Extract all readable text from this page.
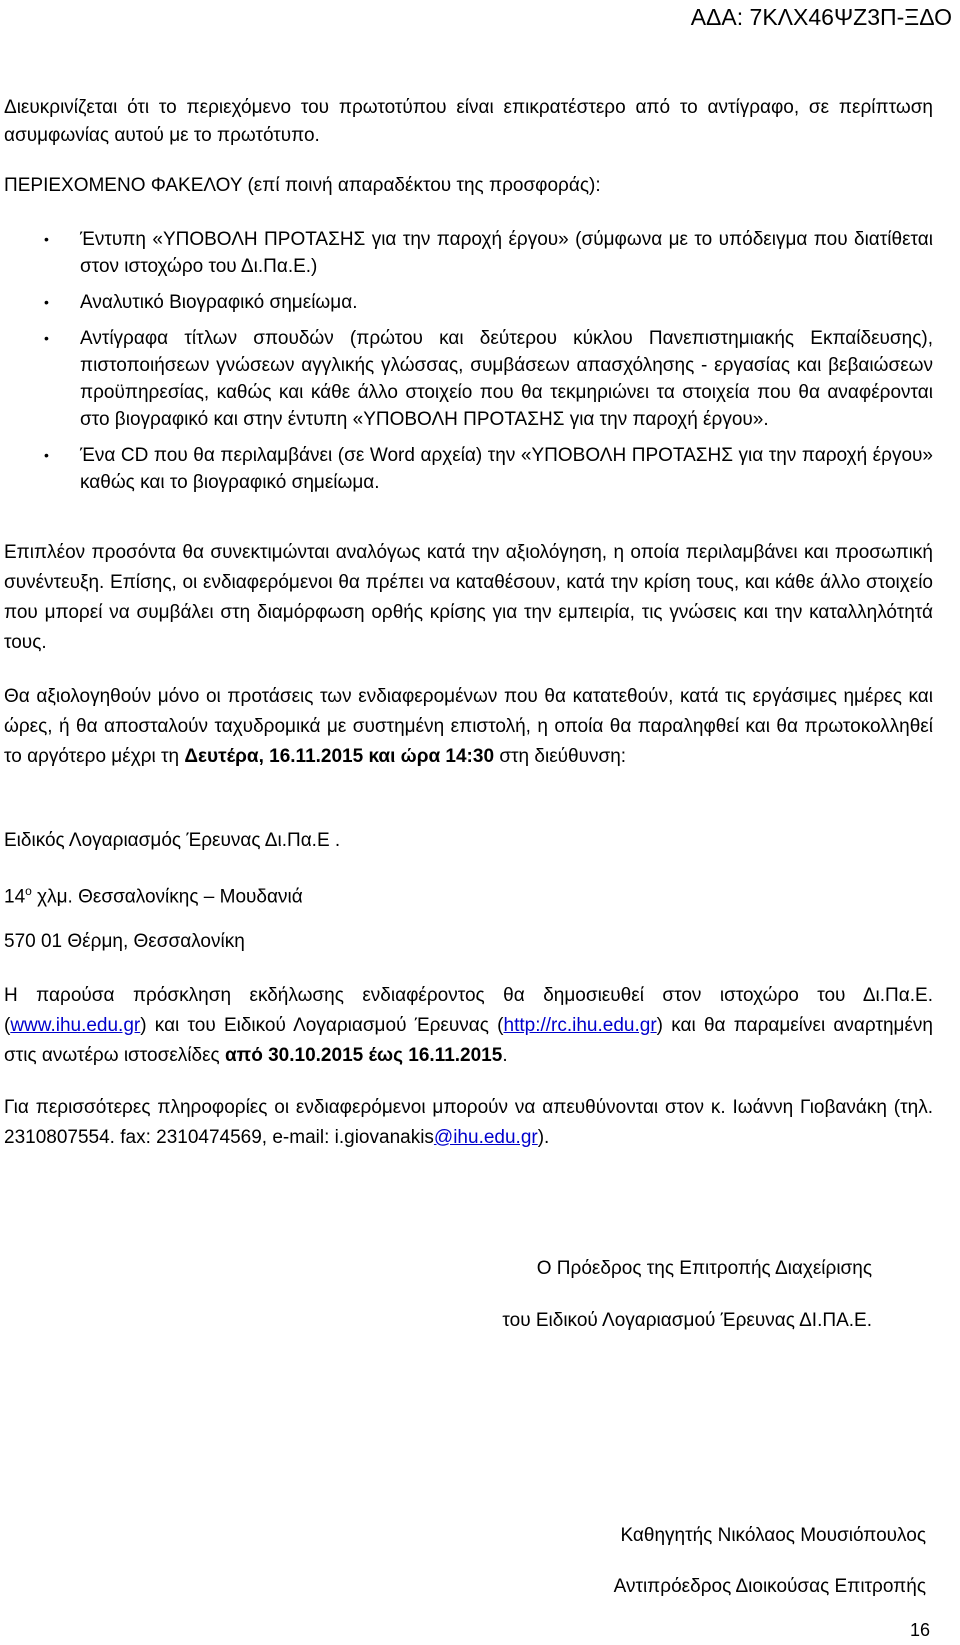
ΑΔΑ: 7ΚΛΧ46ΨΖ3Π-ΞΔΟ

Διευκρινίζεται ότι το περιεχόμενο του πρωτοτύπου είναι επικρατέστερο από το αντίγραφο, σε περίπτωση ασυμφωνίας αυτού με το πρωτότυπο.

ΠΕΡΙΕΧΟΜΕΝΟ ΦΑΚΕΛΟΥ (επί ποινή απαραδέκτου της προσφοράς):

• Έντυπη «ΥΠΟΒΟΛΗ ΠΡΟΤΑΣΗΣ για την παροχή έργου» (σύμφωνα με το υπόδειγμα που διατίθεται στον ιστοχώρο του Δι.Πα.Ε.)
• Αναλυτικό Βιογραφικό σημείωμα.
• Αντίγραφα τίτλων σπουδών (πρώτου και δεύτερου κύκλου Πανεπιστημιακής Εκπαίδευσης), πιστοποιήσεων γνώσεων αγγλικής γλώσσας, συμβάσεων απασχόλησης - εργασίας και βεβαιώσεων προϋπηρεσίας, καθώς και κάθε άλλο στοιχείο που θα τεκμηριώνει τα στοιχεία που θα αναφέρονται στο βιογραφικό και στην έντυπη «ΥΠΟΒΟΛΗ ΠΡΟΤΑΣΗΣ για την παροχή έργου».
• Ένα CD που θα περιλαμβάνει (σε Word αρχεία) την «ΥΠΟΒΟΛΗ ΠΡΟΤΑΣΗΣ για την παροχή έργου» καθώς και το βιογραφικό σημείωμα.

Επιπλέον προσόντα θα συνεκτιμώνται αναλόγως κατά την αξιολόγηση, η οποία περιλαμβάνει και προσωπική συνέντευξη. Επίσης, οι ενδιαφερόμενοι θα πρέπει να καταθέσουν, κατά την κρίση τους, και κάθε άλλο στοιχείο που μπορεί να συμβάλει στη διαμόρφωση ορθής κρίσης για την εμπειρία, τις γνώσεις και την καταλληλότητά τους.

Θα αξιολογηθούν μόνο οι προτάσεις των ενδιαφερομένων που θα κατατεθούν, κατά τις εργάσιμες ημέρες και ώρες, ή θα αποσταλούν ταχυδρομικά με συστημένη επιστολή, η οποία θα παραληφθεί και θα πρωτοκολληθεί το αργότερο μέχρι τη Δευτέρα, 16.11.2015 και ώρα 14:30 στη διεύθυνση:

Ειδικός Λογαριασμός Έρευνας Δι.Πα.Ε .

$14^o$ χλμ. Θεσσαλονίκης – Μουδανιά

570 01 Θέρμη, Θεσσαλονίκη

Η παρούσα πρόσκληση εκδήλωσης ενδιαφέροντος θα δημοσιευθεί στον ιστοχώρο του Δι.Πα.Ε. (www.ihu.edu.gr) και του Ειδικού Λογαριασμού Έρευνας (http://rc.ihu.edu.gr) και θα παραμείνει αναρτημένη στις ανωτέρω ιστοσελίδες από 30.10.2015 έως 16.11.2015.

Για περισσότερες πληροφορίες οι ενδιαφερόμενοι μπορούν να απευθύνονται στον κ. Ιωάννη Γιοβανάκη (τηλ. 2310807554. fax: 2310474569, e-mail: i.giovanakis@ihu.edu.gr).

Ο Πρόεδρος της Επιτροπής Διαχείρισης

του Ειδικού Λογαριασμού Έρευνας ΔΙ.ΠΑ.Ε.

Καθηγητής Νικόλαος Μουσιόπουλος

Αντιπρόεδρος Διοικούσας Επιτροπής

16
